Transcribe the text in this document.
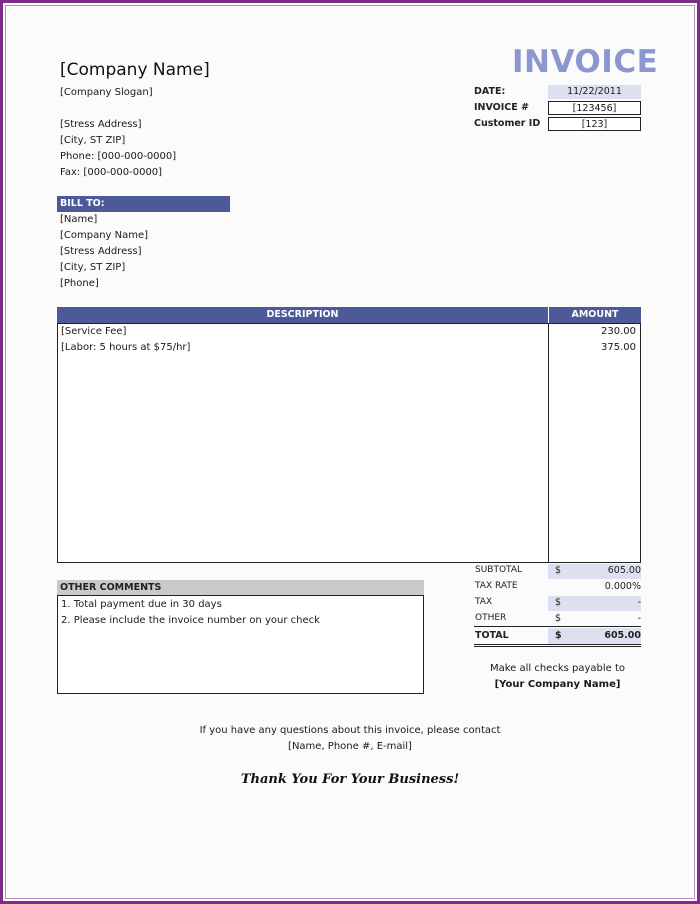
[Company Name]
[Company Slogan]
[Stress Address]
[City, ST ZIP]
Phone: [000-000-0000]
Fax: [000-000-0000]
INVOICE
DATE:	11/22/2011
INVOICE #	[123456]
Customer ID	[123]
BILL TO:
[Name]
[Company Name]
[Stress Address]
[City, ST ZIP]
[Phone]
DESCRIPTION	AMOUNT
[Service Fee]	230.00
[Labor: 5 hours at $75/hr]	375.00
SUBTOTAL	$	605.00
TAX RATE	0.000%
TAX	$	-
OTHER	$	-
TOTAL	$	605.00
OTHER COMMENTS
1. Total payment due in 30 days
2. Please include the invoice number on your check
Make all checks payable to
[Your Company Name]
If you have any questions about this invoice, please contact
[Name, Phone #, E-mail]
Thank You For Your Business!
